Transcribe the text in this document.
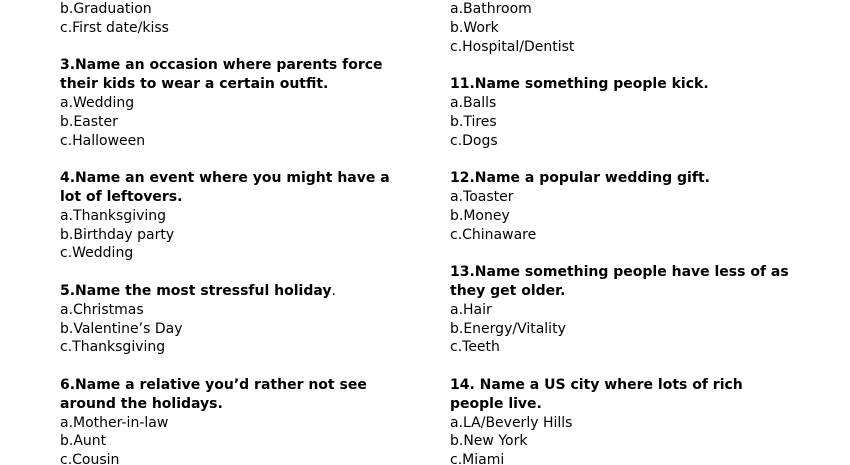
b.Graduation
c.First date/kiss
3.Name an occasion where parents force their kids to wear a certain outfit.
a.Wedding
b.Easter
c.Halloween
4.Name an event where you might have a lot of leftovers.
a.Thanksgiving
b.Birthday party
c.Wedding
5.Name the most stressful holiday.
a.Christmas
b.Valentine’s Day
c.Thanksgiving
6.Name a relative you’d rather not see around the holidays.
a.Mother-in-law
b.Aunt
c.Cousin
a.Bathroom
b.Work
c.Hospital/Dentist
11.Name something people kick.
a.Balls
b.Tires
c.Dogs
12.Name a popular wedding gift.
a.Toaster
b.Money
c.Chinaware
13.Name something people have less of as they get older.
a.Hair
b.Energy/Vitality
c.Teeth
14. Name a US city where lots of rich people live.
a.LA/Beverly Hills
b.New York
c.Miami
